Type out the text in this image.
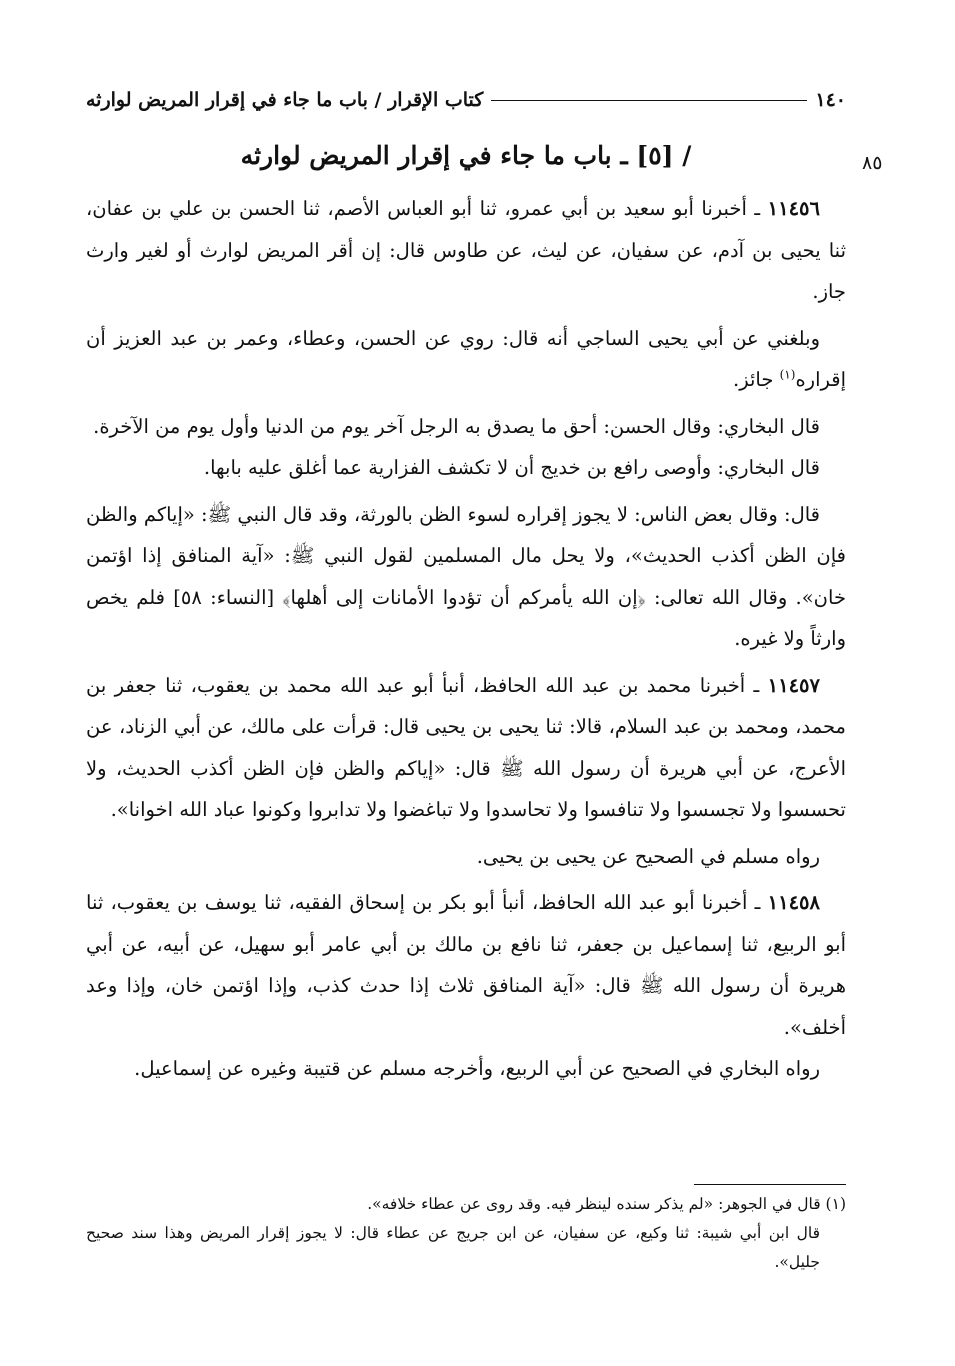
١٤٠
كتاب الإقرار / باب ما جاء في إقرار المريض لوارثه
٨٥
/ [٥] ـ باب ما جاء في إقرار المريض لوارثه

١١٤٥٦ ـ أخبرنا أبو سعيد بن أبي عمرو، ثنا أبو العباس الأصم، ثنا الحسن بن علي بن عفان، ثنا يحيى بن آدم، عن سفيان، عن ليث، عن طاوس قال: إن أقر المريض لوارث أو لغير وارث جاز.

وبلغني عن أبي يحيى الساجي أنه قال: روي عن الحسن، وعطاء، وعمر بن عبد العزيز أن إقراره$^{(١)}$ جائز.

قال البخاري: وقال الحسن: أحق ما يصدق به الرجل آخر يوم من الدنيا وأول يوم من الآخرة.

قال البخاري: وأوصى رافع بن خديج أن لا تكشف الفزارية عما أغلق عليه بابها.

قال: وقال بعض الناس: لا يجوز إقراره لسوء الظن بالورثة، وقد قال النبي ﷺ: «إياكم والظن فإن الظن أكذب الحديث»، ولا يحل مال المسلمين لقول النبي ﷺ: «آية المنافق إذا اؤتمن خان». وقال الله تعالى: ﴿إن الله يأمركم أن تؤدوا الأمانات إلى أهلها﴾ [النساء: ٥٨] فلم يخص وارثاً ولا غيره.

١١٤٥٧ ـ أخبرنا محمد بن عبد الله الحافظ، أنبأ أبو عبد الله محمد بن يعقوب، ثنا جعفر بن محمد، ومحمد بن عبد السلام، قالا: ثنا يحيى بن يحيى قال: قرأت على مالك، عن أبي الزناد، عن الأعرج، عن أبي هريرة أن رسول الله ﷺ قال: «إياكم والظن فإن الظن أكذب الحديث، ولا تحسسوا ولا تجسسوا ولا تنافسوا ولا تحاسدوا ولا تباغضوا ولا تدابروا وكونوا عباد الله اخوانا».

رواه مسلم في الصحيح عن يحيى بن يحيى.

١١٤٥٨ ـ أخبرنا أبو عبد الله الحافظ، أنبأ أبو بكر بن إسحاق الفقيه، ثنا يوسف بن يعقوب، ثنا أبو الربيع، ثنا إسماعيل بن جعفر، ثنا نافع بن مالك بن أبي عامر أبو سهيل، عن أبيه، عن أبي هريرة أن رسول الله ﷺ قال: «آية المنافق ثلاث إذا حدث كذب، وإذا اؤتمن خان، وإذا وعد أخلف».

رواه البخاري في الصحيح عن أبي الربيع، وأخرجه مسلم عن قتيبة وغيره عن إسماعيل.

(١) قال في الجوهر: «لم يذكر سنده لينظر فيه. وقد روى عن عطاء خلافه».

قال ابن أبي شيبة: ثنا وكيع، عن سفيان، عن ابن جريج عن عطاء قال: لا يجوز إقرار المريض وهذا سند صحيح جليل».
